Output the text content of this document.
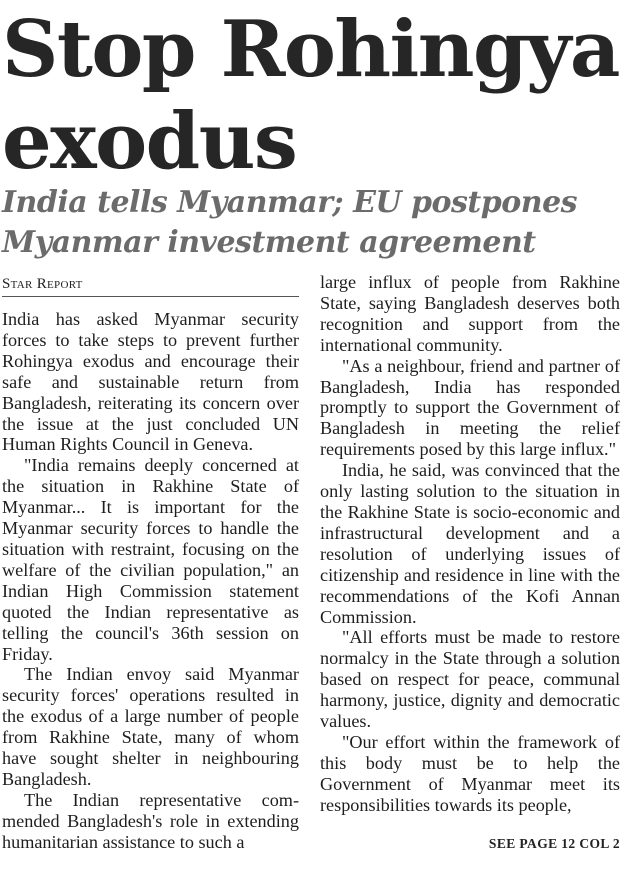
Stop Rohingya exodus
India tells Myanmar; EU postpones Myanmar investment agreement
Star Report

India has asked Myanmar security forces to take steps to prevent further Rohingya exodus and encourage their safe and sustainable return from Bangladesh, reiterating its concern over the issue at the just concluded UN Human Rights Council in Geneva.

"India remains deeply concerned at the situation in Rakhine State of Myanmar... It is important for the Myanmar security forces to handle the situation with restraint, focusing on the welfare of the civilian population," an Indian High Commission statement quoted the Indian representative as telling the council's 36th session on Friday.

The Indian envoy said Myanmar security forces' operations resulted in the exodus of a large number of people from Rakhine State, many of whom have sought shelter in neighbouring Bangladesh.

The Indian representative commended Bangladesh's role in extending humanitarian assistance to such a

large influx of people from Rakhine State, saying Bangladesh deserves both recognition and support from the international community.

"As a neighbour, friend and partner of Bangladesh, India has responded promptly to support the Government of Bangladesh in meeting the relief requirements posed by this large influx."

India, he said, was convinced that the only lasting solution to the situation in the Rakhine State is socio-economic and infrastructural development and a resolution of underlying issues of citizenship and residence in line with the recommendations of the Kofi Annan Commission.

"All efforts must be made to restore normalcy in the State through a solution based on respect for peace, communal harmony, justice, dignity and democratic values.

"Our effort within the framework of this body must be to help the Government of Myanmar meet its responsibilities towards its people,

SEE PAGE 12 COL 2
